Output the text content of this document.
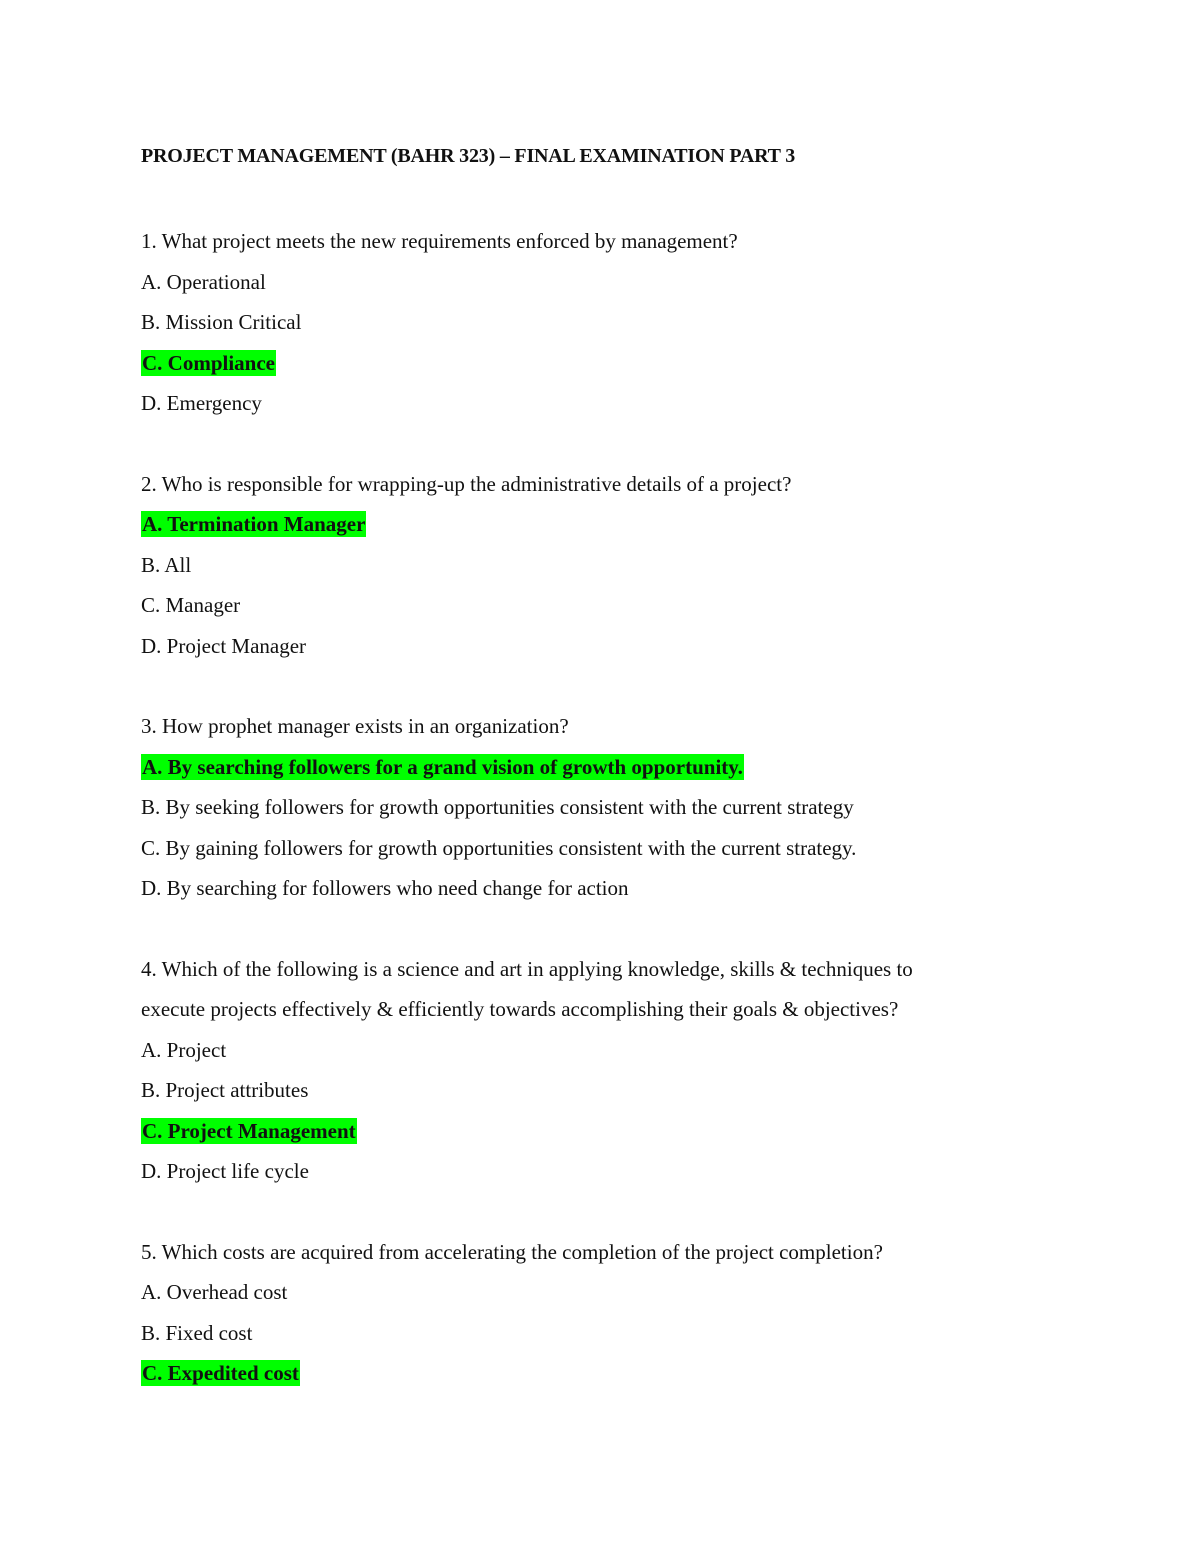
PROJECT MANAGEMENT (BAHR 323) – FINAL EXAMINATION PART 3
1. What project meets the new requirements enforced by management?
A. Operational
B. Mission Critical
C. Compliance
D. Emergency
2. Who is responsible for wrapping-up the administrative details of a project?
A. Termination Manager
B. All
C. Manager
D. Project Manager
3. How prophet manager exists in an organization?
A. By searching followers for a grand vision of growth opportunity.
B. By seeking followers for growth opportunities consistent with the current strategy
C. By gaining followers for growth opportunities consistent with the current strategy.
D. By searching for followers who need change for action
4. Which of the following is a science and art in applying knowledge, skills & techniques to
execute projects effectively & efficiently towards accomplishing their goals & objectives?
A. Project
B. Project attributes
C. Project Management
D. Project life cycle
5. Which costs are acquired from accelerating the completion of the project completion?
A. Overhead cost
B. Fixed cost
C. Expedited cost
